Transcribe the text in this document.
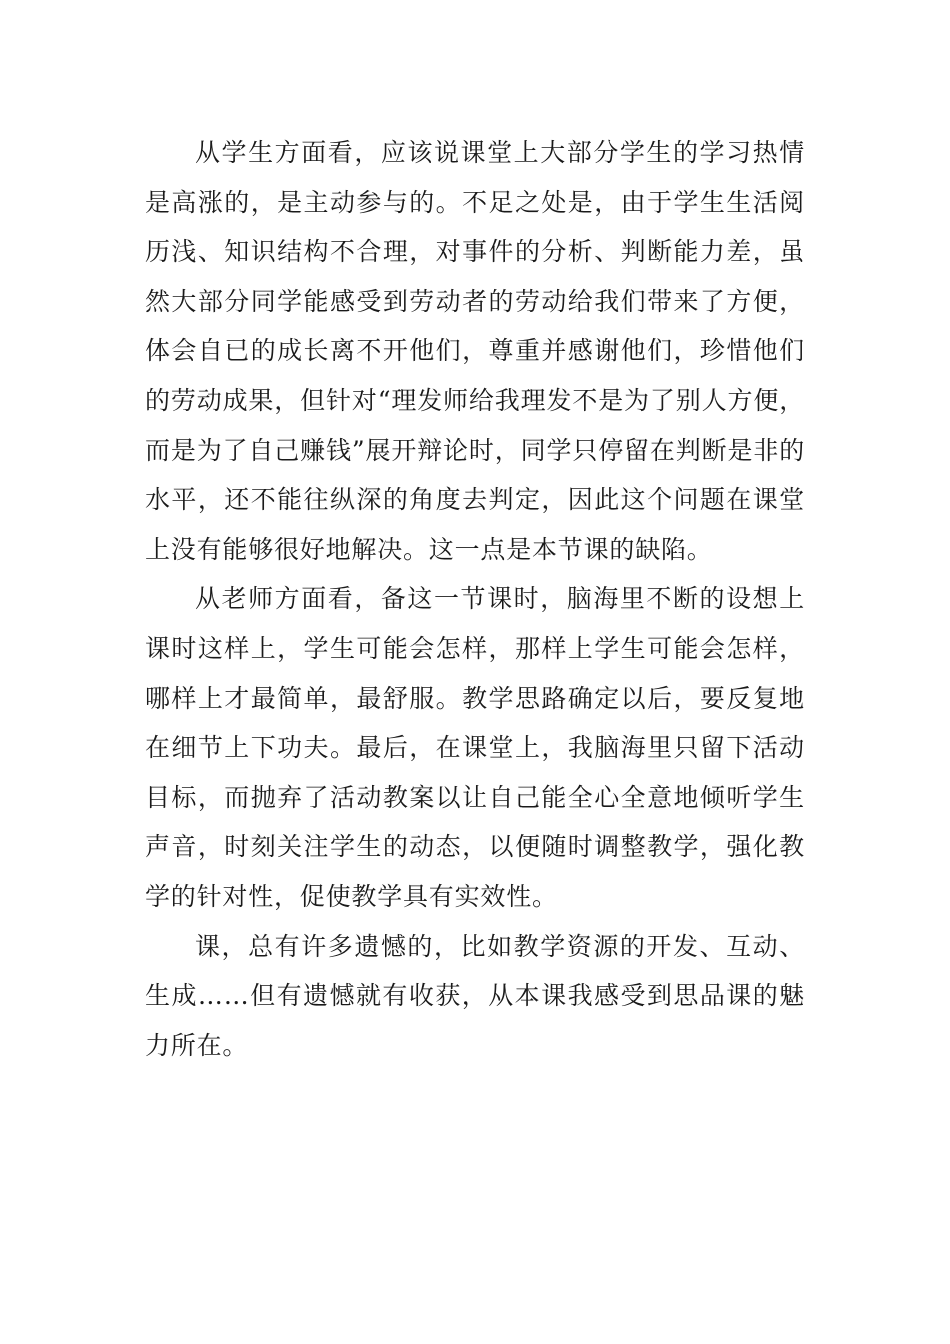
从学生方面看，应该说课堂上大部分学生的学习热情是高涨的，是主动参与的。不足之处是，由于学生生活阅历浅、知识结构不合理，对事件的分析、判断能力差，虽然大部分同学能感受到劳动者的劳动给我们带来了方便，体会自已的成长离不开他们，尊重并感谢他们，珍惜他们的劳动成果，但针对“理发师给我理发不是为了别人方便，而是为了自己赚钱”展开辩论时，同学只停留在判断是非的水平，还不能往纵深的角度去判定，因此这个问题在课堂上没有能够很好地解决。这一点是本节课的缺陷。

从老师方面看，备这一节课时，脑海里不断的设想上课时这样上，学生可能会怎样，那样上学生可能会怎样，哪样上才最简单，最舒服。教学思路确定以后，要反复地在细节上下功夫。最后，在课堂上，我脑海里只留下活动目标，而抛弃了活动教案以让自己能全心全意地倾听学生声音，时刻关注学生的动态，以便随时调整教学，强化教学的针对性，促使教学具有实效性。

课，总有许多遗憾的，比如教学资源的开发、互动、生成……但有遗憾就有收获，从本课我感受到思品课的魅力所在。
